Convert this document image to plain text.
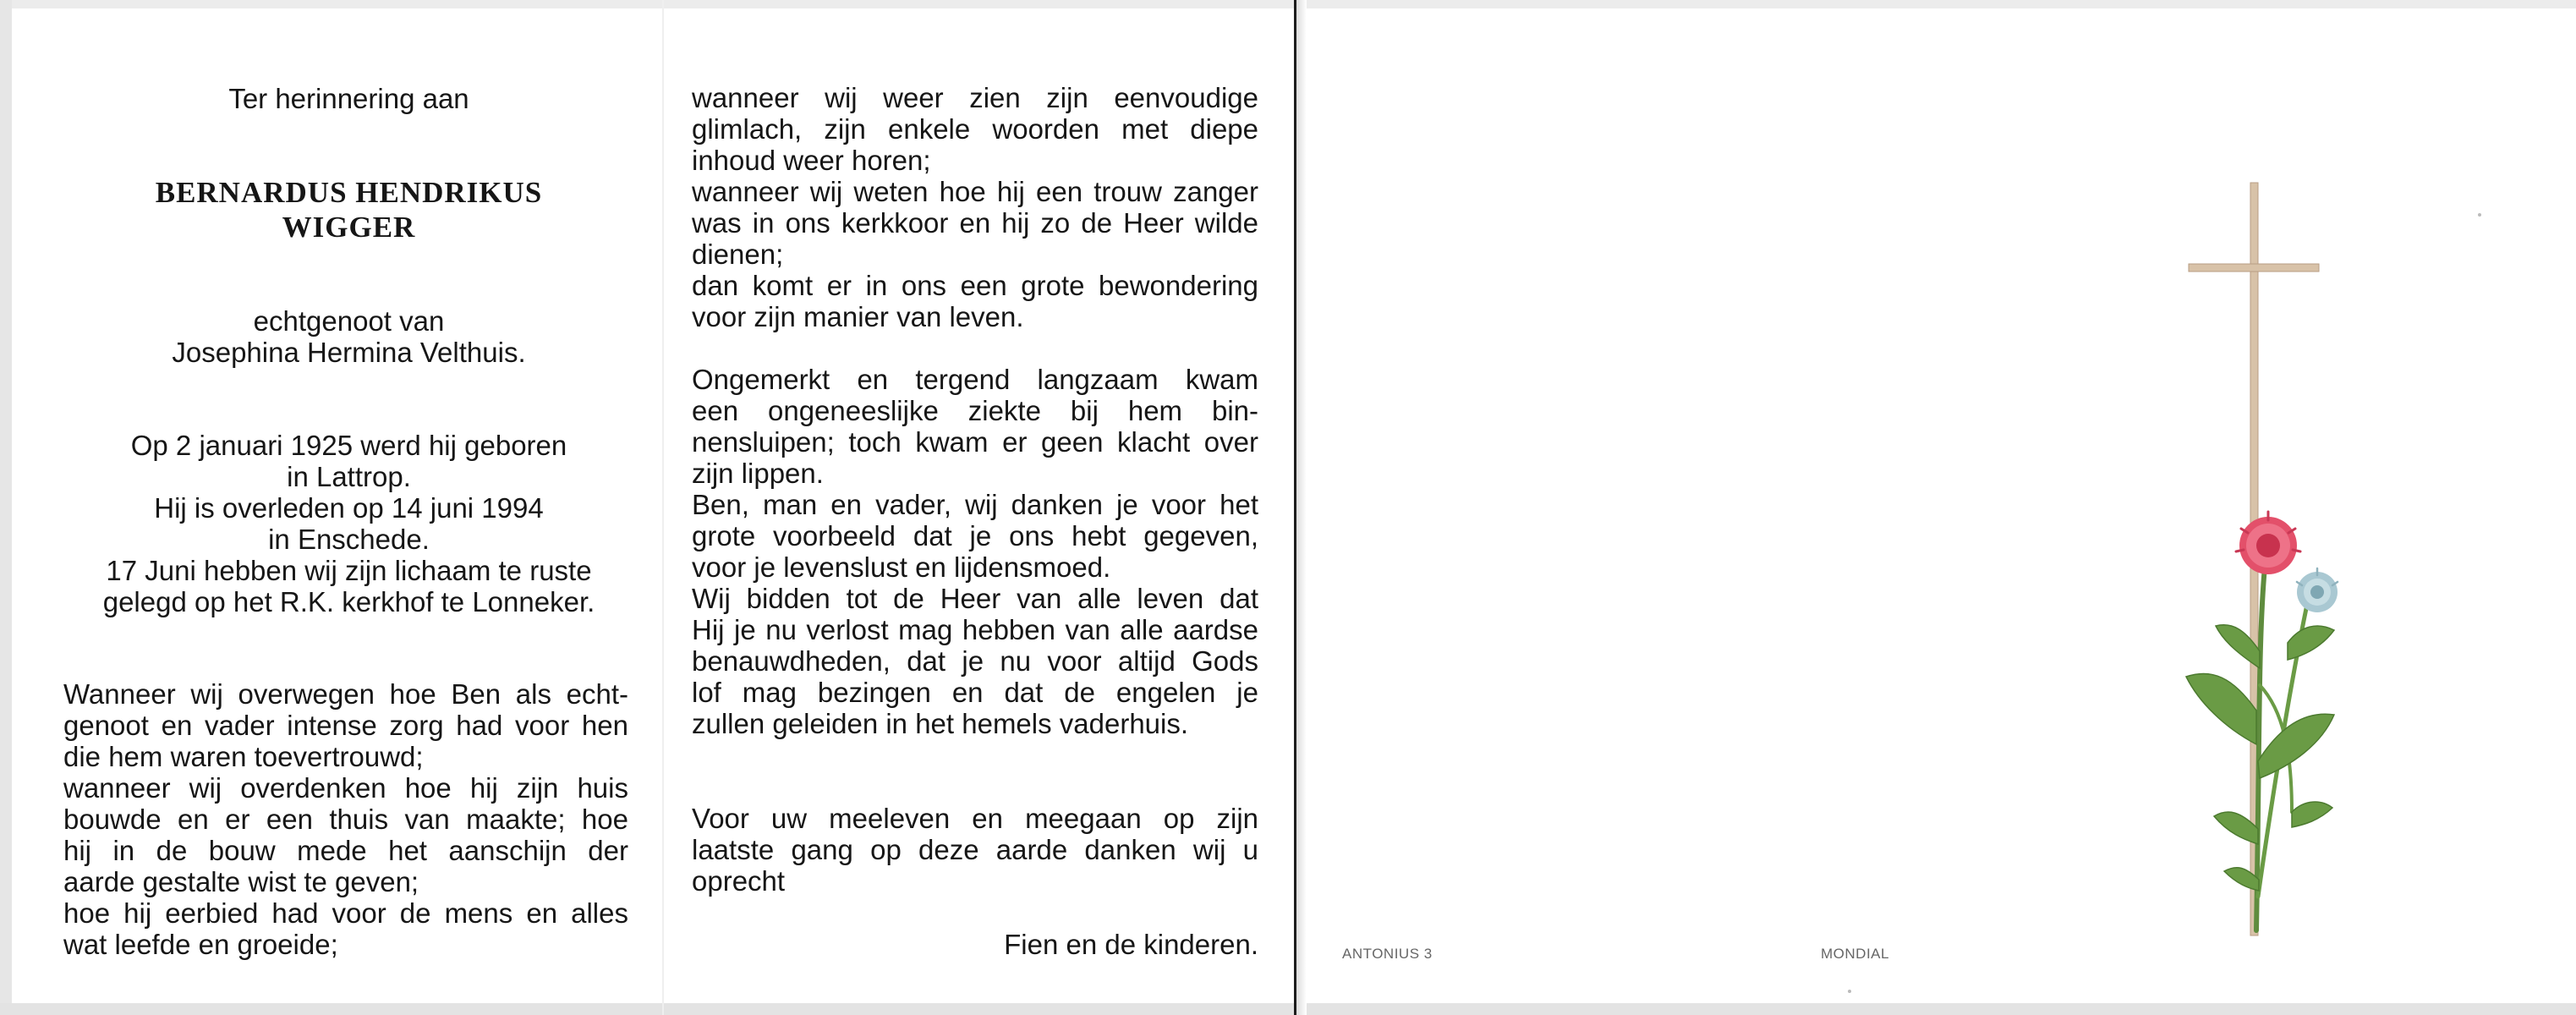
Ter herinnering aan

BERNARDUS HENDRIKUS
WIGGER

echtgenoot van

Josephina Hermina Velthuis.

Op 2 januari 1925 werd hij geboren

in Lattrop.

Hij is overleden op 14 juni 1994

in Enschede.

17 Juni hebben wij zijn lichaam te ruste

gelegd op het R.K. kerkhof te Lonneker.

Wanneer wij overwegen hoe Ben als echt-

genoot en vader intense zorg had voor hen

die hem waren toevertrouwd;

wanneer wij overdenken hoe hij zijn huis

bouwde en er een thuis van maakte; hoe

hij in de bouw mede het aanschijn der

aarde gestalte wist te geven;

hoe hij eerbied had voor de mens en alles

wat leefde en groeide;

wanneer wij weer zien zijn eenvoudige

glimlach, zijn enkele woorden met diepe

inhoud weer horen;

wanneer wij weten hoe hij een trouw zanger

was in ons kerkkoor en hij zo de Heer wilde

dienen;

dan komt er in ons een grote bewondering

voor zijn manier van leven.

Ongemerkt en tergend langzaam kwam

een ongeneeslijke ziekte bij hem bin-

nensluipen; toch kwam er geen klacht over

zijn lippen.

Ben, man en vader, wij danken je voor het

grote voorbeeld dat je ons hebt gegeven,

voor je levenslust en lijdensmoed.

Wij bidden tot de Heer van alle leven dat

Hij je nu verlost mag hebben van alle aardse

benauwdheden, dat je nu voor altijd Gods

lof mag bezingen en dat de engelen je

zullen geleiden in het hemels vaderhuis.

Voor uw meeleven en meegaan op zijn

laatste gang op deze aarde danken wij u

oprecht

Fien en de kinderen.	ANTONIUS 3	MONDIAL
